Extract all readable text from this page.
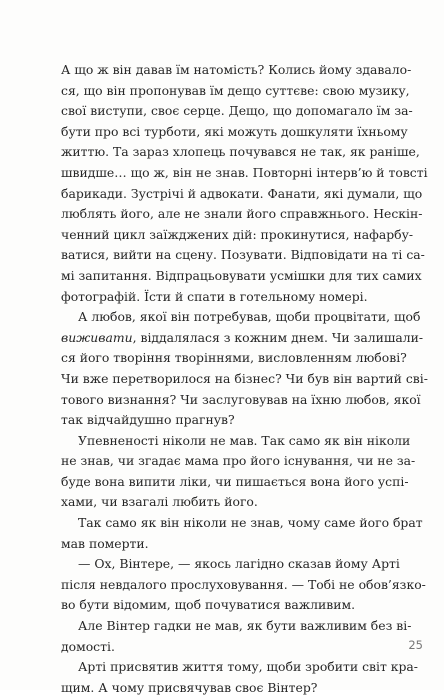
А що ж він давав їм натомість? Колись йому здавало-
ся, що він пропонував їм дещо суттєве: свою музику,
свої виступи, своє серце. Дещо, що допомагало їм за-
бути про всі турботи, які можуть дошкуляти їхньому
життю. Та зараз хлопець почувався не так, як раніше,
швидше… що ж, він не знав. Повторні інтерв’ю й товсті
барикади. Зустрічі й адвокати. Фанати, які думали, що
люблять його, але не знали його справжнього. Нескін-
ченний цикл заїжджених дій: прокинутися, нафарбу-
ватися, вийти на сцену. Позувати. Відповідати на ті са-
мі запитання. Відпрацьовувати усмішки для тих самих
фотографій. Їсти й спати в готельному номері.
А любов, якої він потребував, щоби процвітати, щоб
виживати, віддалялася з кожним днем. Чи залишали-
ся його творіння творіннями, висловленням любові?
Чи вже перетворилося на бізнес? Чи був він вартий сві-
тового визнання? Чи заслуговував на їхню любов, якої
так відчайдушно прагнув?
Упевненості ніколи не мав. Так само як він ніколи
не знав, чи згадає мама про його існування, чи не за-
буде вона випити ліки, чи пишається вона його успі-
хами, чи взагалі любить його.
Так само як він ніколи не знав, чому саме його брат
мав померти.
— Ох, Вінтере, — якось лагідно сказав йому Арті
після невдалого прослуховування. — Тобі не обов’язко-
во бути відомим, щоб почуватися важливим.
Але Вінтер гадки не мав, як бути важливим без ві-
домості.
Арті присвятив життя тому, щоби зробити світ кра-
щим. А чому присвячував своє Вінтер?
25
